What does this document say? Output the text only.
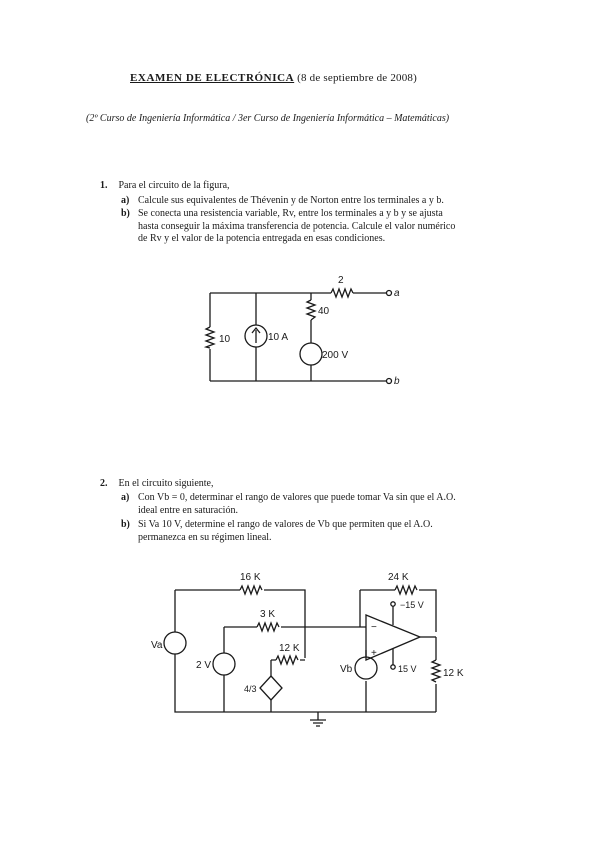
EXAMEN DE ELECTRÓNICA (8 de septiembre de 2008)
(2º Curso de Ingeniería Informática / 3er Curso de Ingeniería Informática – Matemáticas)
1. Para el circuito de la figura,
a) Calcule sus equivalentes de Thévenin y de Norton entre los terminales a y b.
b) Se conecta una resistencia variable, Rv, entre los terminales a y b y se ajusta
hasta conseguir la máxima transferencia de potencia. Calcule el valor numérico
de Rv y el valor de la potencia entregada en esas condiciones.
2. En el circuito siguiente,
a) Con Vb = 0, determinar el rango de valores que puede tomar Va sin que el A.O.
ideal entre en saturación.
b) Si Va 10 V, determine el rango de valores de Vb que permiten que el A.O.
permanezca en su régimen lineal.
10	10 A
40
200 V
2
a
b
16 K
3 K
12 K
24 K
12 K
Va
Vb
2 V
4/3
−15 V
15 V
−
+
